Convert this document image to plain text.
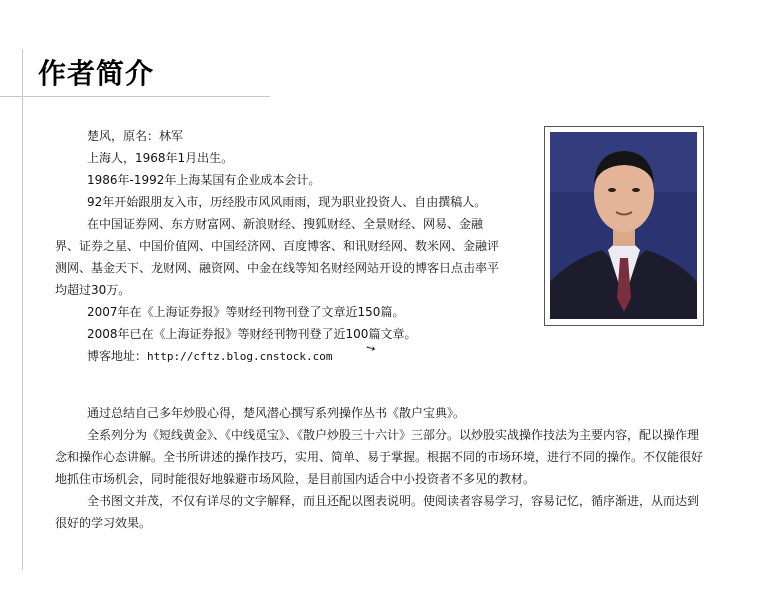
作者简介

楚风，原名：林军

上海人，1968年1月出生。

1986年-1992年上海某国有企业成本会计。

92年开始跟朋友入市，历经股市风风雨雨，现为职业投资人、自由撰稿人。

在中国证券网、东方财富网、新浪财经、搜狐财经、全景财经、网易、金融界、证券之星、中国价值网、中国经济网、百度博客、和讯财经网、数米网、金融评测网、基金天下、龙财网、融资网、中金在线等知名财经网站开设的博客日点击率平均超过30万。

2007年在《上海证券报》等财经刊物刊登了文章近150篇。

2008年已在《上海证券报》等财经刊物刊登了近100篇文章。

博客地址：http://cftz.blog.cnstock.com	➘

通过总结自己多年炒股心得，楚风潜心撰写系列操作丛书《散户宝典》。

全系列分为《短线黄金》、《中线觅宝》、《散户炒股三十六计》三部分。以炒股实战操作技法为主要内容，配以操作理念和操作心态讲解。全书所讲述的操作技巧，实用、简单、易于掌握。根据不同的市场环境，进行不同的操作。不仅能很好地抓住市场机会，同时能很好地躲避市场风险，是目前国内适合中小投资者不多见的教材。

全书图文并茂，不仅有详尽的文字解释，而且还配以图表说明。使阅读者容易学习，容易记忆，循序渐进，从而达到很好的学习效果。
